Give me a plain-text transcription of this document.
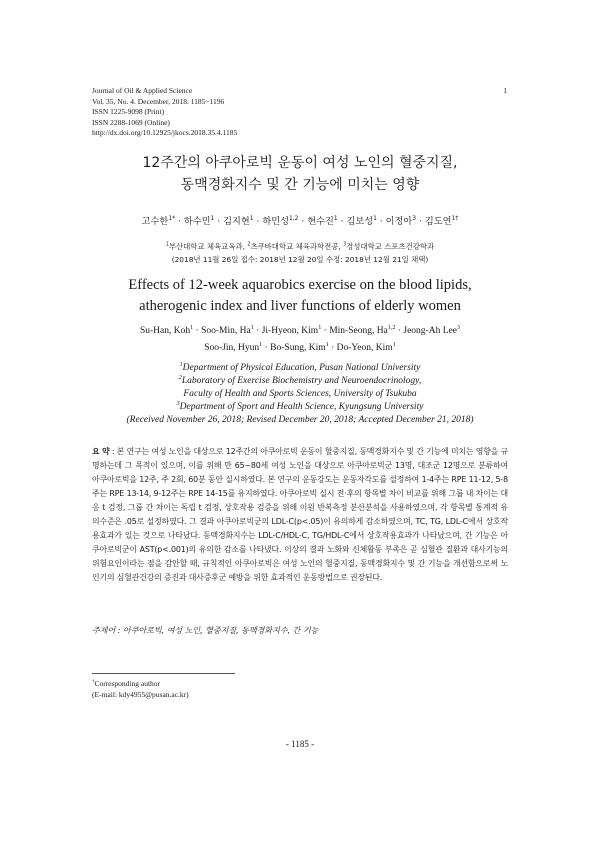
Journal of Oil & Applied Science
Vol. 35, No. 4. December, 2018. 1185~1196
ISSN 1225-9098 (Print)
ISSN 2288-1069 (Online)
http://dx.doi.org/10.12925/jkocs.2018.35.4.1185
1
12주간의 아쿠아로빅 운동이 여성 노인의 혈중지질,
동맥경화지수 및 간 기능에 미치는 영향
고수한$^{1*}$ · 하수민$^1$ · 김지현$^1$ · 하민성$^{1,2}$ · 현수진$^1$ · 김보성$^1$ · 이정아$^3$ · 김도연$^{1\dagger}$
$^1$부산대학교 체육교육과, $^2$츠쿠바대학교 체육과학전공, $^3$경성대학교 스포츠건강학과
(2018년 11월 26일 접수: 2018년 12월 20일 수정: 2018년 12월 21일 채택)
Effects of 12-week aquarobics exercise on the blood lipids,
atherogenic index and liver functions of elderly women
Su-Han, Koh$^1$ · Soo-Min, $Ha^1$ · Ji-Hyeon, Kim$^1$ · Min-Seong, Ha$^{1,2}$ · Jeong-Ah Lee$^3$
Soo-Jin, Hyun$^1$ · Bo-Sung, Kim$^1$ · Do-Yeon, Kim$^1$
$^1$Department of Physical Education, Pusan National University
$^2$Laboratory of Exercise Biochemistry and Neuroendocrinology,
Faculty of Health and Sports Sciences, University of Tsukuba
$^3$Department of Sport and Health Science, Kyungsung University
(Received November 26, 2018; Revised December 20, 2018; Accepted December 21, 2018)
요 약 : 본 연구는 여성 노인을 대상으로 12주간의 아쿠아로빅 운동이 혈중지질, 동맥경화지수 및 간 기능에 미치는 영향을 규명하는데 그 목적이 있으며, 이를 위해 만 65~80세 여성 노인을 대상으로 아쿠아로빅군 13명, 대조군 12명으로 분류하여 아쿠아로빅을 12주, 주 2회, 60분 동안 실시하였다. 본 연구의 운동강도는 운동자각도를 설정하여 1-4주는 RPE 11-12, 5-8주는 RPE 13-14, 9-12주는 RPE 14-15를 유지하였다. 아쿠아로빅 실시 전·후의 항목별 차이 비교를 위해 그룹 내 차이는 대응 t 검정, 그룹 간 차이는 독립 t 검정, 상호작용 검증을 위해 이원 반복측정 분산분석을 사용하였으며, 각 항목별 통계적 유의수준은 .05로 설정하였다. 그 결과 아쿠아로빅군의 LDL-C(p<.05)이 유의하게 감소하였으며, TC, TG, LDL-C에서 상호작용효과가 있는 것으로 나타났다. 동맥경화지수는 LDL-C/HDL-C, TG/HDL-C에서 상호작용효과가 나타났으며, 간 기능은 아쿠아로빅군이 AST(p<.001)의 유의한 감소를 나타냈다. 이상의 결과 노화와 신체활동 부족은 곧 심혈관 질환과 대사기능의 위험요인이라는 점을 감안할 때, 규칙적인 아쿠아로빅은 여성 노인의 혈중지질, 동맥경화지수 및 간 기능을 개선함으로써 노인기의 심혈관건강의 증진과 대사증후군 예방을 위한 효과적인 운동방법으로 권장된다.
주제어 : 아쿠아로빅, 여성 노인, 혈중지질, 동맥경화지수, 간 기능
†Corresponding author
(E-mail: kdy4955@pusan.ac.kr)
- 1185 -
